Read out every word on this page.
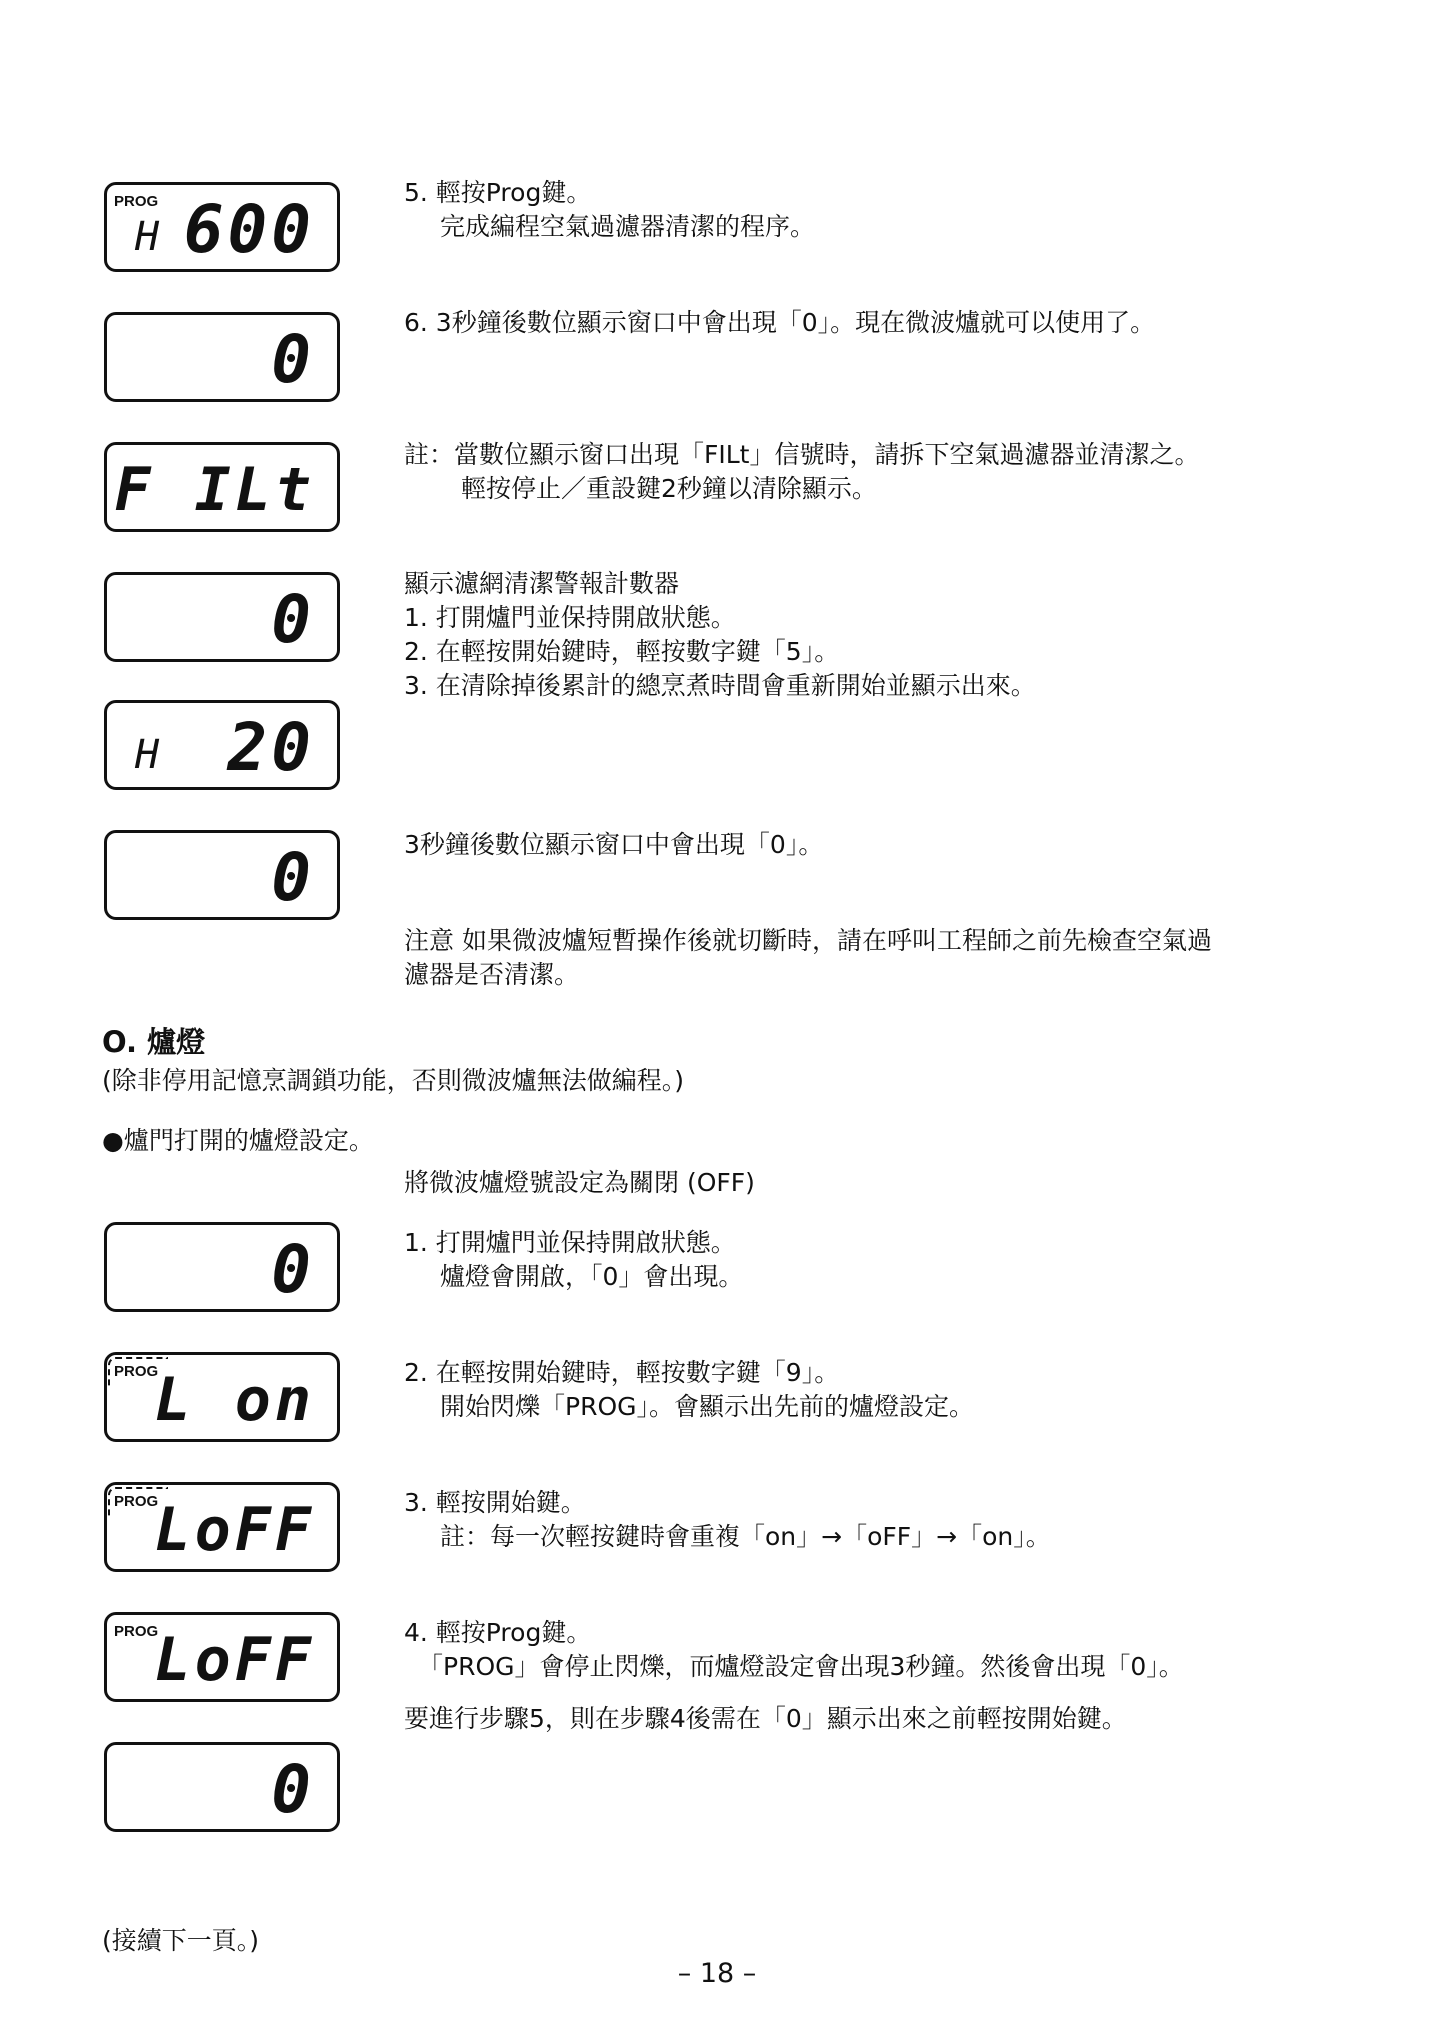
5. 輕按Prog鍵。
完成編程空氣過濾器清潔的程序。
6. 3秒鐘後數位顯示窗口中會出現「0」。現在微波爐就可以使用了。
註：當數位顯示窗口出現「FILt」信號時，請拆下空氣過濾器並清潔之。
輕按停止／重設鍵2秒鐘以清除顯示。
顯示濾網清潔警報計數器
1. 打開爐門並保持開啟狀態。
2. 在輕按開始鍵時，輕按數字鍵「5」。
3. 在清除掉後累計的總烹煮時間會重新開始並顯示出來。
3秒鐘後數位顯示窗口中會出現「0」。
注意 如果微波爐短暫操作後就切斷時，請在呼叫工程師之前先檢查空氣過
濾器是否清潔。
(除非停用記憶烹調鎖功能，否則微波爐無法做編程。)
●爐門打開的爐燈設定。
將微波爐燈號設定為關閉 (OFF)
1. 打開爐門並保持開啟狀態。
爐燈會開啟，「0」會出現。
2. 在輕按開始鍵時，輕按數字鍵「9」。
開始閃爍「PROG」。會顯示出先前的爐燈設定。
3. 輕按開始鍵。
註：每一次輕按鍵時會重複「on」→「oFF」→「on」。
4. 輕按Prog鍵。
「PROG」會停止閃爍，而爐燈設定會出現3秒鐘。然後會出現「0」。
要進行步驟5，則在步驟4後需在「0」顯示出來之前輕按開始鍵。
(接續下一頁。)
O. 爐燈
PROG
H 600
0
F ILt
0
H 20
0
0
PROG
L on
PROG
LoFF
PROG
LoFF
0
– 18 –
